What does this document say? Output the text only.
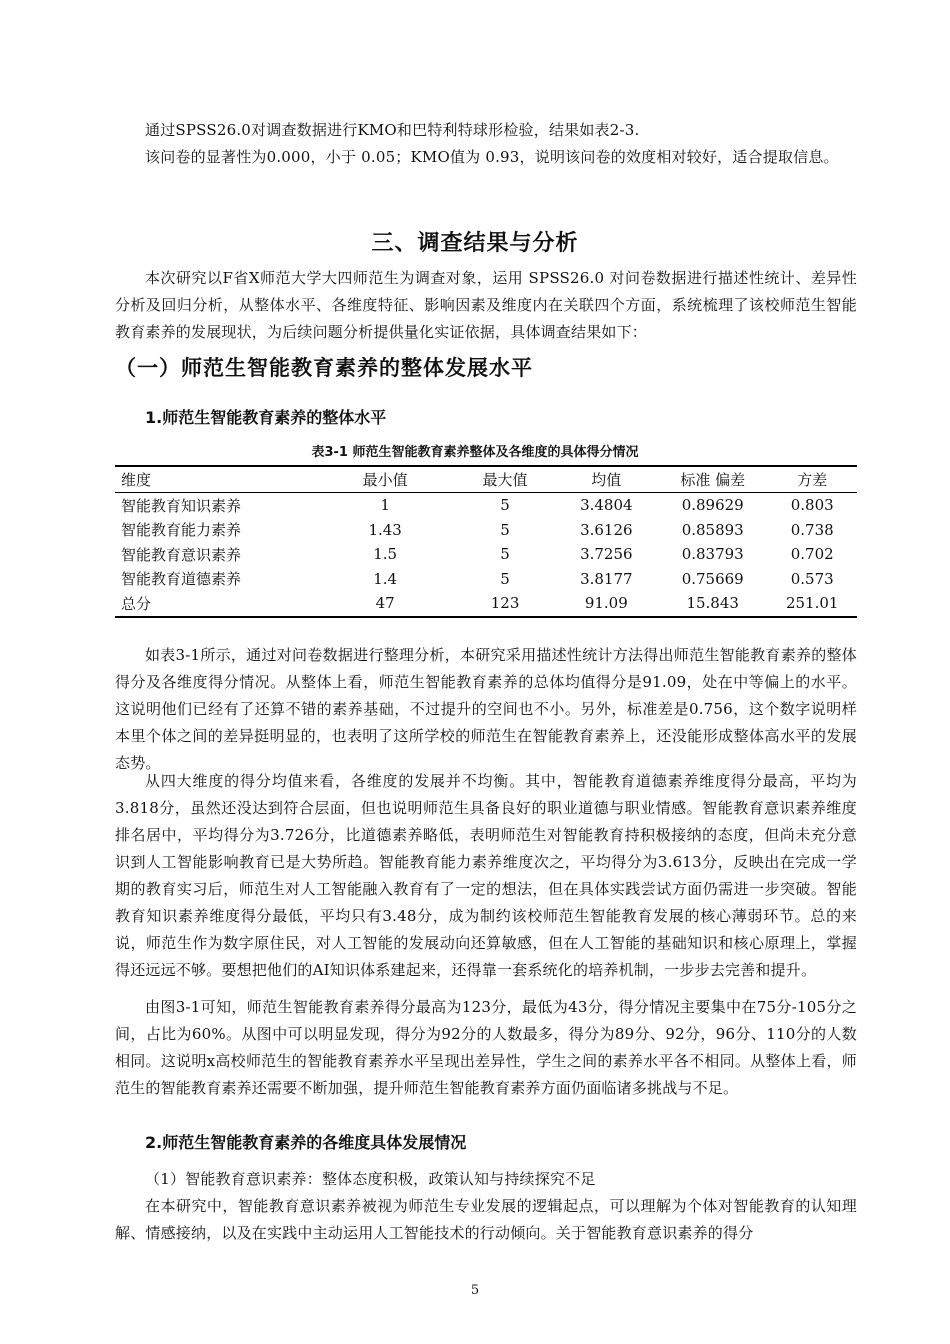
通过SPSS26.0对调查数据进行KMO和巴特利特球形检验，结果如表2-3.

该问卷的显著性为0.000，小于 0.05；KMO值为 0.93，说明该问卷的效度相对较好，适合提取信息。

三、调查结果与分析

本次研究以F省X师范大学大四师范生为调查对象，运用 SPSS26.0 对问卷数据进行描述性统计、差异性分析及回归分析，从整体水平、各维度特征、影响因素及维度内在关联四个方面，系统梳理了该校师范生智能教育素养的发展现状，为后续问题分析提供量化实证依据，具体调查结果如下：

（一）师范生智能教育素养的整体发展水平
1.师范生智能教育素养的整体水平

表3-1 师范生智能教育素养整体及各维度的具体得分情况

维度	最小值	最大值	均值	标准 偏差	方差
智能教育知识素养	1	5	3.4804	0.89629	0.803
智能教育能力素养	1.43	5	3.6126	0.85893	0.738
智能教育意识素养	1.5	5	3.7256	0.83793	0.702
智能教育道德素养	1.4	5	3.8177	0.75669	0.573
总分	47	123	91.09	15.843	251.01

如表3-1所示，通过对问卷数据进行整理分析，本研究采用描述性统计方法得出师范生智能教育素养的整体得分及各维度得分情况。从整体上看，师范生智能教育素养的总体均值得分是91.09，处在中等偏上的水平。这说明他们已经有了还算不错的素养基础，不过提升的空间也不小。另外，标准差是0.756，这个数字说明样本里个体之间的差异挺明显的，也表明了这所学校的师范生在智能教育素养上，还没能形成整体高水平的发展态势。

从四大维度的得分均值来看，各维度的发展并不均衡。其中，智能教育道德素养维度得分最高，平均为3.818分，虽然还没达到符合层面，但也说明师范生具备良好的职业道德与职业情感。智能教育意识素养维度排名居中，平均得分为3.726分，比道德素养略低，表明师范生对智能教育持积极接纳的态度，但尚未充分意识到人工智能影响教育已是大势所趋。智能教育能力素养维度次之，平均得分为3.613分，反映出在完成一学期的教育实习后，师范生对人工智能融入教育有了一定的想法，但在具体实践尝试方面仍需进一步突破。智能教育知识素养维度得分最低，平均只有3.48分，成为制约该校师范生智能教育发展的核心薄弱环节。总的来说，师范生作为数字原住民，对人工智能的发展动向还算敏感，但在人工智能的基础知识和核心原理上，掌握得还远远不够。要想把他们的AI知识体系建起来，还得靠一套系统化的培养机制，一步步去完善和提升。

由图3-1可知，师范生智能教育素养得分最高为123分，最低为43分，得分情况主要集中在75分-105分之间，占比为60%。从图中可以明显发现，得分为92分的人数最多，得分为89分、92分，96分、110分的人数相同。这说明x高校师范生的智能教育素养水平呈现出差异性，学生之间的素养水平各不相同。从整体上看，师范生的智能教育素养还需要不断加强，提升师范生智能教育素养方面仍面临诸多挑战与不足。

2.师范生智能教育素养的各维度具体发展情况

（1）智能教育意识素养：整体态度积极，政策认知与持续探究不足

在本研究中，智能教育意识素养被视为师范生专业发展的逻辑起点，可以理解为个体对智能教育的认知理解、情感接纳，以及在实践中主动运用人工智能技术的行动倾向。关于智能教育意识素养的得分

5
